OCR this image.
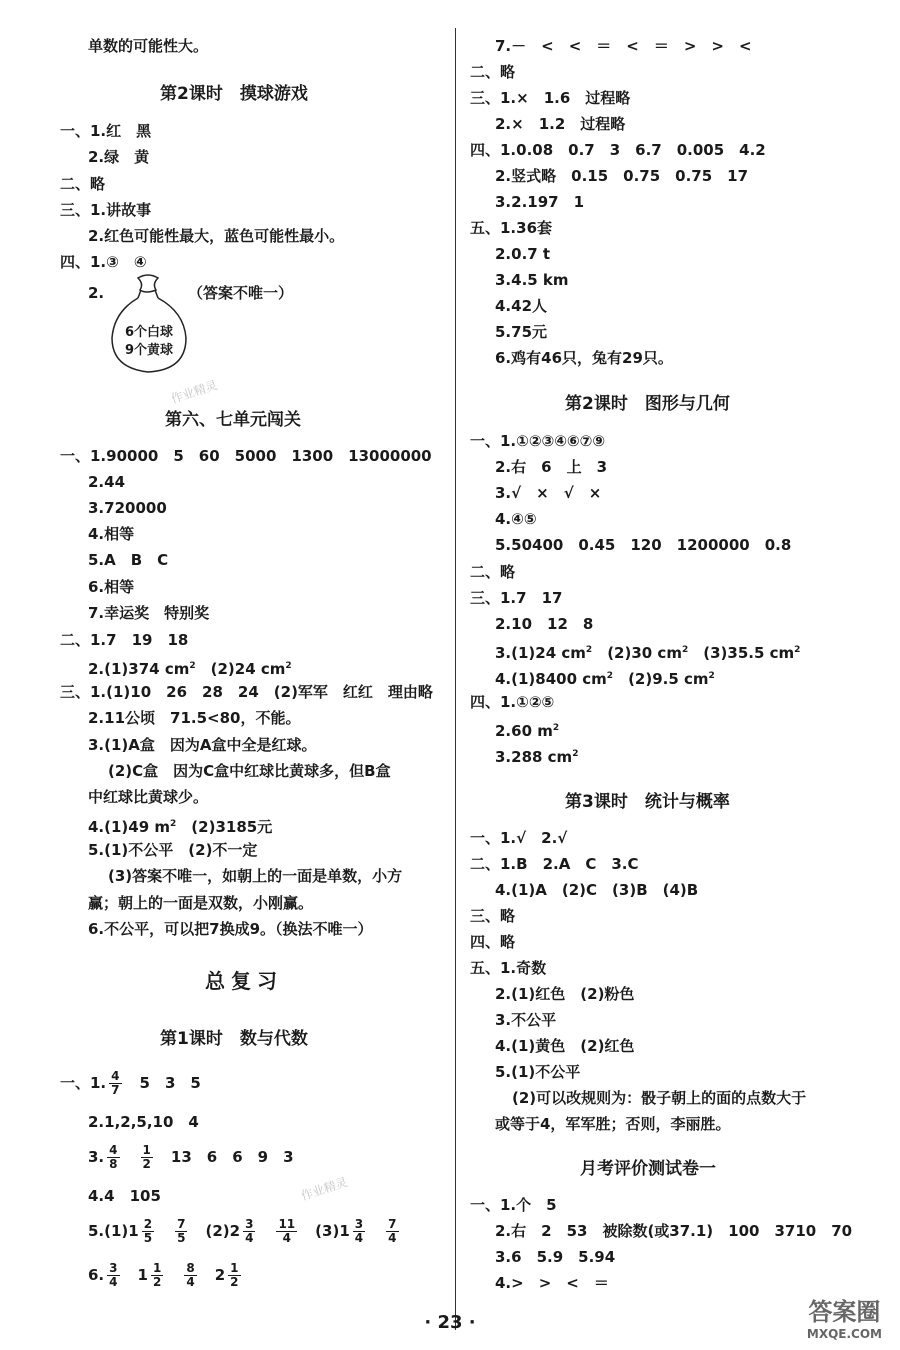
单数的可能性大。
第2课时　摸球游戏
一、1.红　黑
2.绿　黄
二、略
三、1.讲故事
2.红色可能性最大，蓝色可能性最小。
四、1.③　④
2.
6个白球
9个黄球
（答案不唯一）
作业精灵
第六、七单元闯关
一、1.90000　5　60　5000　1300　13000000
2.44
3.720000
4.相等
5.A　B　C
6.相等
7.幸运奖　特别奖
二、1.7　19　18
2.(1)374 $cm^2$　 (2)24 $cm^2$
三、1.(1)10　26　28　24　(2)军军　红红　理由略
2.11公顷　71.5<80，不能。
3.(1)A盒　因为A盒中全是红球。
(2)C盒　因为C盒中红球比黄球多，但B盒
中红球比黄球少。
4.(1)49 $m^2$　 (2)3185元
5.(1)不公平　(2)不一定
(3)答案不唯一，如朝上的一面是单数，小方
赢；朝上的一面是双数，小刚赢。
6.不公平，可以把7换成9。（换法不唯一）
总复习
第1课时　数与代数
一、1. $\frac{4}{7}$
　 5　3　5
2.1,2,5,10　4
3. $\frac{4}{8}$
　 $\frac{1}{2}$
　 13　6　6　9　3
4.4　105
$5.(1)1 \frac{2}{5}$
　 $\frac{7}{5}$
　 $(2)2 \frac{3}{4}$
　 $\frac{11}{4}$
　 $(3)1 \frac{3}{4}$
　 $\frac{7}{4}$
6. $\frac{3}{4}$
　 $1 \frac{1}{2}$
　 $\frac{8}{4}$
　 $2 \frac{1}{2}$
作业精灵
7.－　<　<　＝　<　＝　>　>　<
二、略
三、1.×　1.6　过程略
2.×　1.2　过程略
四、1.0.08　0.7　3　6.7　0.005　4.2
2.竖式略　0.15　0.75　0.75　17
3.2.197　1
五、1.36套
2.0.7 t
3.4.5 km
4.42人
5.75元
6.鸡有46只，兔有29只。
第2课时　图形与几何
一、1.①②③④⑥⑦⑨
2.右　6　上　3
3.√　×　√　×
4.④⑤
5.50400　0.45　120　1200000　0.8
二、略
三、1.7　17
2.10　12　8
3.(1)24 $cm^2$　 (2)30 $cm^2$　 (3)35.5 $cm^2$
4.(1)8400 $cm^2$　 (2)9.5 $cm^2$
四、1.①②⑤
2.60 $m^2$
3.288 $cm^2$
第3课时　统计与概率
一、1.√　2.√
二、1.B　2.A　C　3.C
4.(1)A　(2)C　(3)B　(4)B
三、略
四、略
五、1.奇数
2.(1)红色　(2)粉色
3.不公平
4.(1)黄色　(2)红色
5.(1)不公平
(2)可以改规则为：骰子朝上的面的点数大于
或等于4，军军胜；否则，李丽胜。
月考评价测试卷一
一、1.个　5
2.右　2　53　被除数(或37.1)　100　3710　70
3.6　5.9　5.94
4.>　>　<　＝
· 23 ·	答案圈
MXQE.COM
